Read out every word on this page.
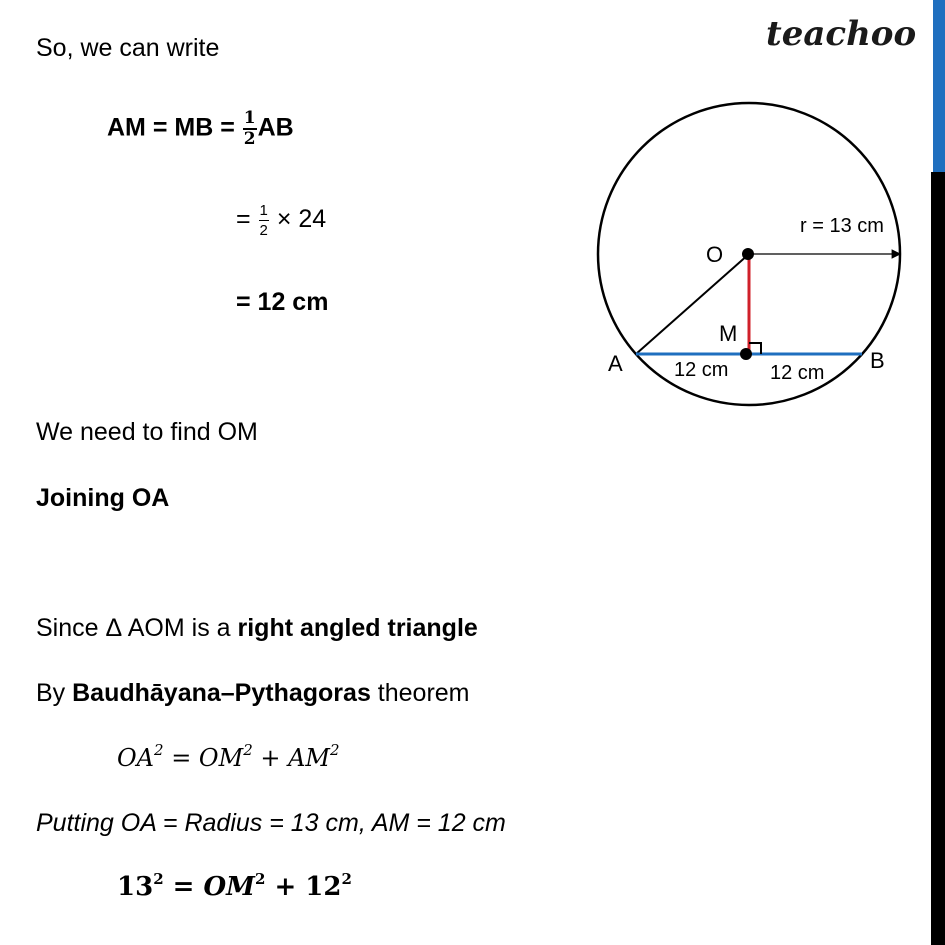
teachoo
So, we can write
AM = MB = $\frac{1}{2}$ AB
= $\frac{1}{2} \times 24$
= 12 cm
We need to find OM
Joining OA
Since Δ AOM is a right angled triangle
By Baudhāyana–Pythagoras theorem
$OA^2 = OM^2 + AM^2$
Putting OA = Radius = 13 cm, AM = 12 cm
$13^2 = OM^2 + 12^2$
O
M
A	B
r = 13 cm
12 cm 12 cm
